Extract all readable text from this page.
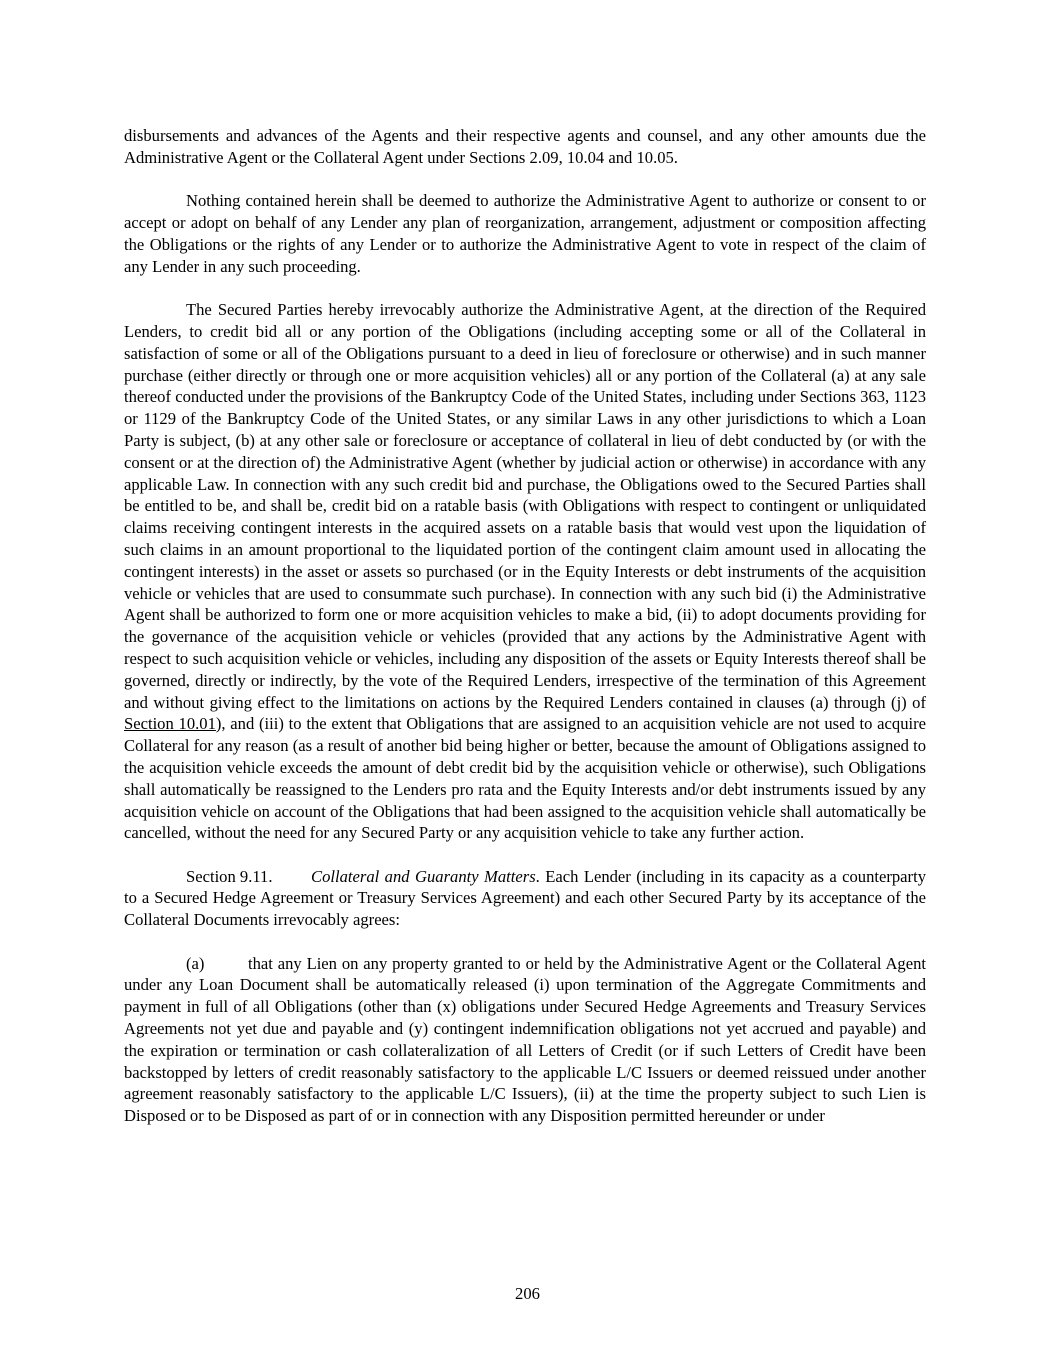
disbursements and advances of the Agents and their respective agents and counsel, and any other amounts due the Administrative Agent or the Collateral Agent under Sections 2.09, 10.04 and 10.05.

Nothing contained herein shall be deemed to authorize the Administrative Agent to authorize or consent to or accept or adopt on behalf of any Lender any plan of reorganization, arrangement, adjustment or composition affecting the Obligations or the rights of any Lender or to authorize the Administrative Agent to vote in respect of the claim of any Lender in any such proceeding.

The Secured Parties hereby irrevocably authorize the Administrative Agent, at the direction of the Required Lenders, to credit bid all or any portion of the Obligations (including accepting some or all of the Collateral in satisfaction of some or all of the Obligations pursuant to a deed in lieu of foreclosure or otherwise) and in such manner purchase (either directly or through one or more acquisition vehicles) all or any portion of the Collateral (a) at any sale thereof conducted under the provisions of the Bankruptcy Code of the United States, including under Sections 363, 1123 or 1129 of the Bankruptcy Code of the United States, or any similar Laws in any other jurisdictions to which a Loan Party is subject, (b) at any other sale or foreclosure or acceptance of collateral in lieu of debt conducted by (or with the consent or at the direction of) the Administrative Agent (whether by judicial action or otherwise) in accordance with any applicable Law. In connection with any such credit bid and purchase, the Obligations owed to the Secured Parties shall be entitled to be, and shall be, credit bid on a ratable basis (with Obligations with respect to contingent or unliquidated claims receiving contingent interests in the acquired assets on a ratable basis that would vest upon the liquidation of such claims in an amount proportional to the liquidated portion of the contingent claim amount used in allocating the contingent interests) in the asset or assets so purchased (or in the Equity Interests or debt instruments of the acquisition vehicle or vehicles that are used to consummate such purchase). In connection with any such bid (i) the Administrative Agent shall be authorized to form one or more acquisition vehicles to make a bid, (ii) to adopt documents providing for the governance of the acquisition vehicle or vehicles (provided that any actions by the Administrative Agent with respect to such acquisition vehicle or vehicles, including any disposition of the assets or Equity Interests thereof shall be governed, directly or indirectly, by the vote of the Required Lenders, irrespective of the termination of this Agreement and without giving effect to the limitations on actions by the Required Lenders contained in clauses (a) through (j) of Section 10.01), and (iii) to the extent that Obligations that are assigned to an acquisition vehicle are not used to acquire Collateral for any reason (as a result of another bid being higher or better, because the amount of Obligations assigned to the acquisition vehicle exceeds the amount of debt credit bid by the acquisition vehicle or otherwise), such Obligations shall automatically be reassigned to the Lenders pro rata and the Equity Interests and/or debt instruments issued by any acquisition vehicle on account of the Obligations that had been assigned to the acquisition vehicle shall automatically be cancelled, without the need for any Secured Party or any acquisition vehicle to take any further action.

Section 9.11. Collateral and Guaranty Matters. Each Lender (including in its capacity as a counterparty to a Secured Hedge Agreement or Treasury Services Agreement) and each other Secured Party by its acceptance of the Collateral Documents irrevocably agrees:

(a)	that any Lien on any property granted to or held by the Administrative Agent or the Collateral Agent under any Loan Document shall be automatically released (i) upon termination of the Aggregate Commitments and payment in full of all Obligations (other than (x) obligations under Secured Hedge Agreements and Treasury Services Agreements not yet due and payable and (y) contingent indemnification obligations not yet accrued and payable) and the expiration or termination or cash collateralization of all Letters of Credit (or if such Letters of Credit have been backstopped by letters of credit reasonably satisfactory to the applicable L/C Issuers or deemed reissued under another agreement reasonably satisfactory to the applicable L/C Issuers), (ii) at the time the property subject to such Lien is Disposed or to be Disposed as part of or in connection with any Disposition permitted hereunder or under

206
